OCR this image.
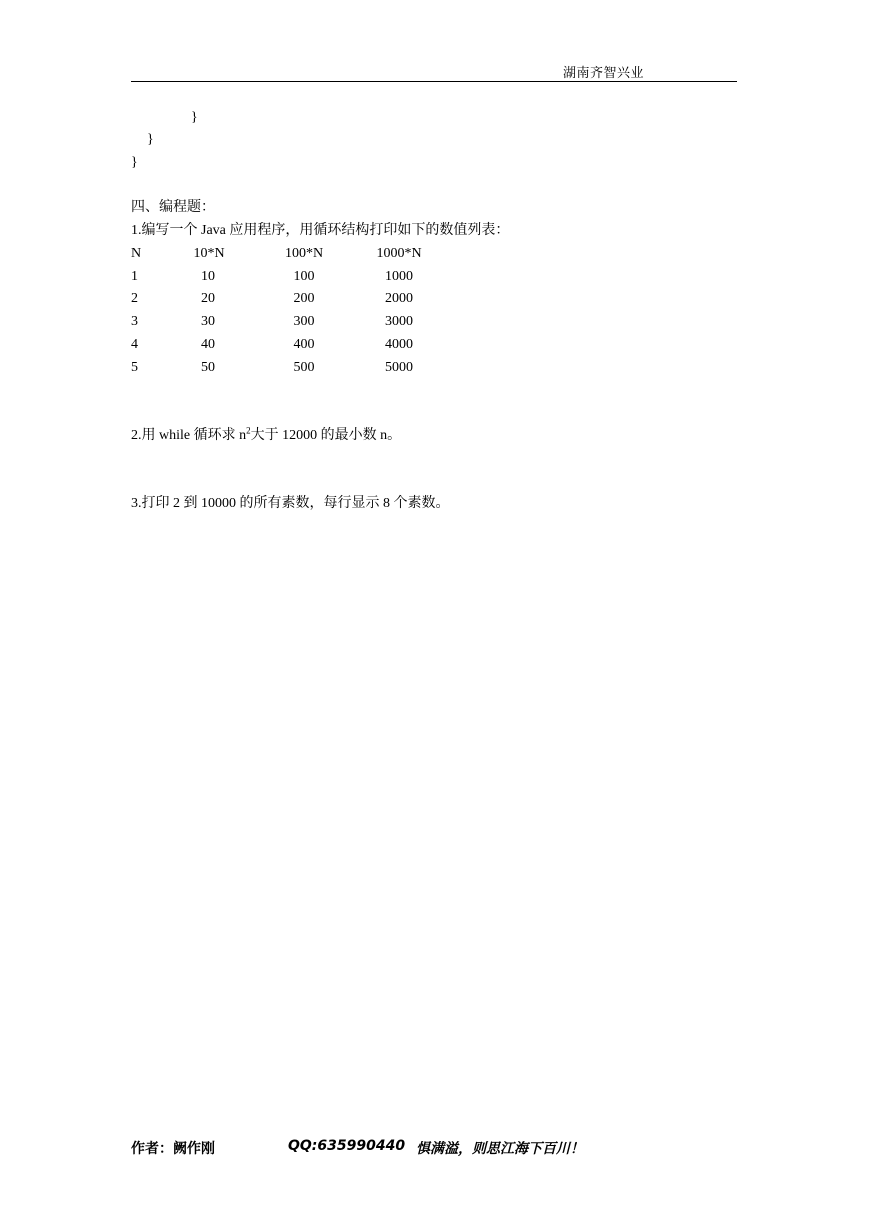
湖南齐智兴业
}
}
}
四、编程题：
1.编写一个 Java 应用程序，用循环结构打印如下的数值列表：
N	10*N	100*N	1000*N
1	10	100	1000
2	20	200	2000
3	30	300	3000
4	40	400	4000
5	50	500	5000
2.用 while 循环求 $n^2$大于 12000 的最小数 n。
3.打印 2 到 10000 的所有素数，每行显示 8 个素数。
作者：阙作刚	QQ:635990440 惧满溢，则思江海下百川！
